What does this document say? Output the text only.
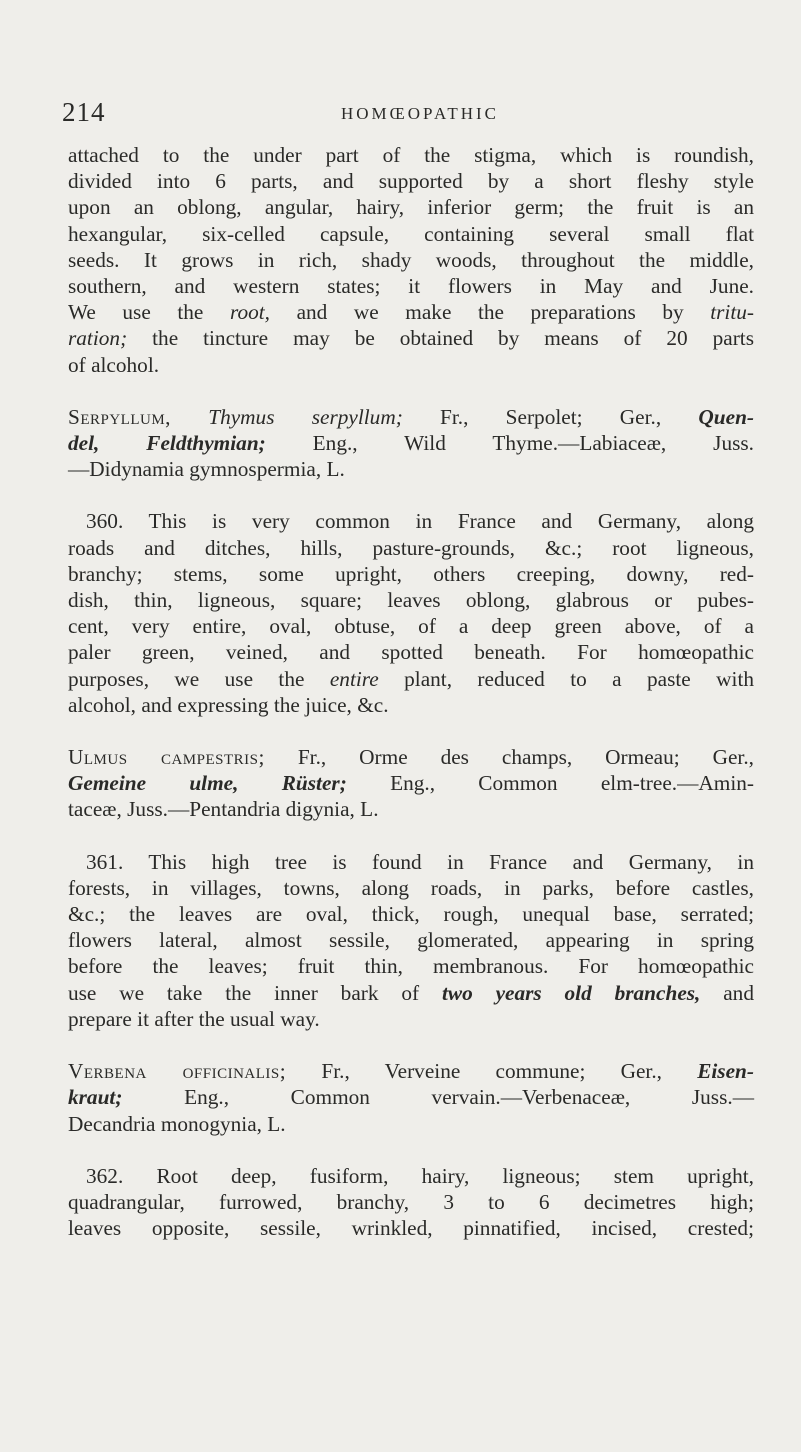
214	HOMŒOPATHIC

attached to the under part of the stigma, which is roundish,
divided into 6 parts, and supported by a short fleshy style
upon an oblong, angular, hairy, inferior germ; the fruit is an
hexangular, six-celled capsule, containing several small flat
seeds. It grows in rich, shady woods, throughout the middle,
southern, and western states; it flowers in May and June.
We use the root, and we make the preparations by tritu-
ration; the tincture may be obtained by means of 20 parts
of alcohol.

Serpyllum, Thymus serpyllum; Fr., Serpolet; Ger., Quen-
del, Feldthymian; Eng., Wild Thyme.—Labiaceæ, Juss.
—Didynamia gymnospermia, L.

360. This is very common in France and Germany, along
roads and ditches, hills, pasture-grounds, &c.; root ligneous,
branchy; stems, some upright, others creeping, downy, red-
dish, thin, ligneous, square; leaves oblong, glabrous or pubes-
cent, very entire, oval, obtuse, of a deep green above, of a
paler green, veined, and spotted beneath. For homœopathic
purposes, we use the entire plant, reduced to a paste with
alcohol, and expressing the juice, &c.

Ulmus campestris; Fr., Orme des champs, Ormeau; Ger.,
Gemeine ulme, Rüster; Eng., Common elm-tree.—Amin-
taceæ, Juss.—Pentandria digynia, L.

361. This high tree is found in France and Germany, in
forests, in villages, towns, along roads, in parks, before castles,
&c.; the leaves are oval, thick, rough, unequal base, serrated;
flowers lateral, almost sessile, glomerated, appearing in spring
before the leaves; fruit thin, membranous. For homœopathic
use we take the inner bark of two years old branches, and
prepare it after the usual way.

Verbena officinalis; Fr., Verveine commune; Ger., Eisen-
kraut; Eng., Common vervain.—Verbenaceæ, Juss.—
Decandria monogynia, L.

362. Root deep, fusiform, hairy, ligneous; stem upright,
quadrangular, furrowed, branchy, 3 to 6 decimetres high;
leaves opposite, sessile, wrinkled, pinnatified, incised, crested;
